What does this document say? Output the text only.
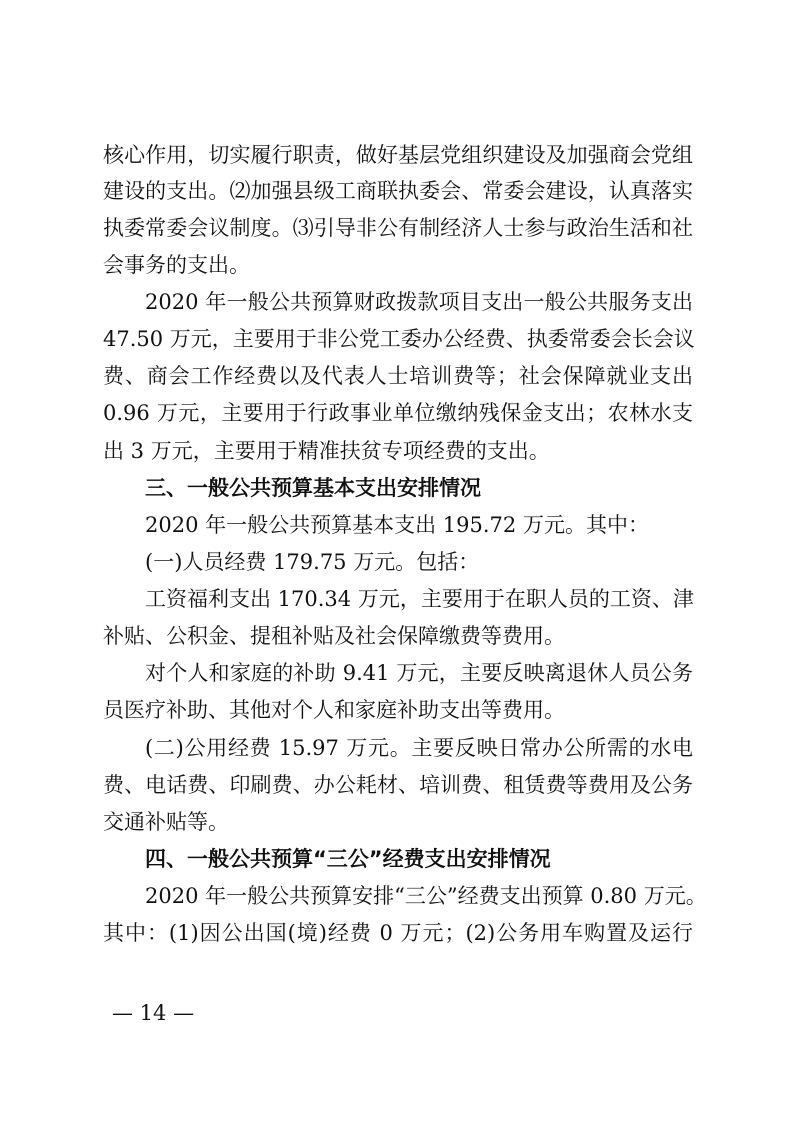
核心作用，切实履行职责，做好基层党组织建设及加强商会党组
建设的支出。⑵加强县级工商联执委会、常委会建设，认真落实
执委常委会议制度。⑶引导非公有制经济人士参与政治生活和社
会事务的支出。
2020 年一般公共预算财政拨款项目支出一般公共服务支出
47.50 万元，主要用于非公党工委办公经费、执委常委会长会议
费、商会工作经费以及代表人士培训费等；社会保障就业支出
0.96 万元，主要用于行政事业单位缴纳残保金支出；农林水支
出 3 万元，主要用于精准扶贫专项经费的支出。
三、一般公共预算基本支出安排情况
2020 年一般公共预算基本支出 195.72 万元。其中：
(一)人员经费 179.75 万元。包括：
工资福利支出 170.34 万元，主要用于在职人员的工资、津
补贴、公积金、提租补贴及社会保障缴费等费用。
对个人和家庭的补助 9.41 万元，主要反映离退休人员公务
员医疗补助、其他对个人和家庭补助支出等费用。
(二)公用经费 15.97 万元。主要反映日常办公所需的水电
费、电话费、印刷费、办公耗材、培训费、租赁费等费用及公务
交通补贴等。
四、一般公共预算“三公”经费支出安排情况
2020 年一般公共预算安排“三公”经费支出预算 0.80 万元。
其中：(1)因公出国(境)经费 0 万元；(2)公务用车购置及运行
— 14 —
